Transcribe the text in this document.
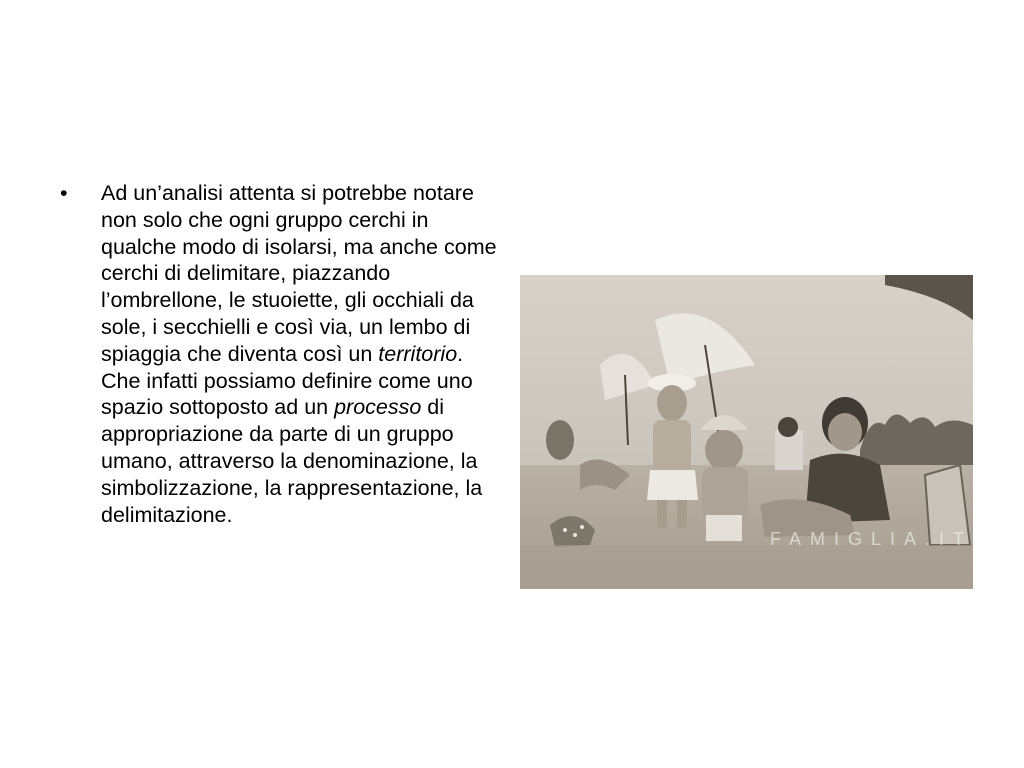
• Ad un’analisi attenta si potrebbe notare non solo che ogni gruppo cerchi in qualche modo di isolarsi, ma anche come cerchi di delimitare, piazzando l’ombrellone, le stuoiette, gli occhiali da sole, i secchielli e così via, un lembo di spiaggia che diventa così un territorio. Che infatti possiamo definire come uno spazio sottoposto ad un processo di appropriazione da parte di un gruppo umano, attraverso la denominazione, la simbolizzazione, la rappresentazione, la delimitazione.
FAMIGLIA.IT
